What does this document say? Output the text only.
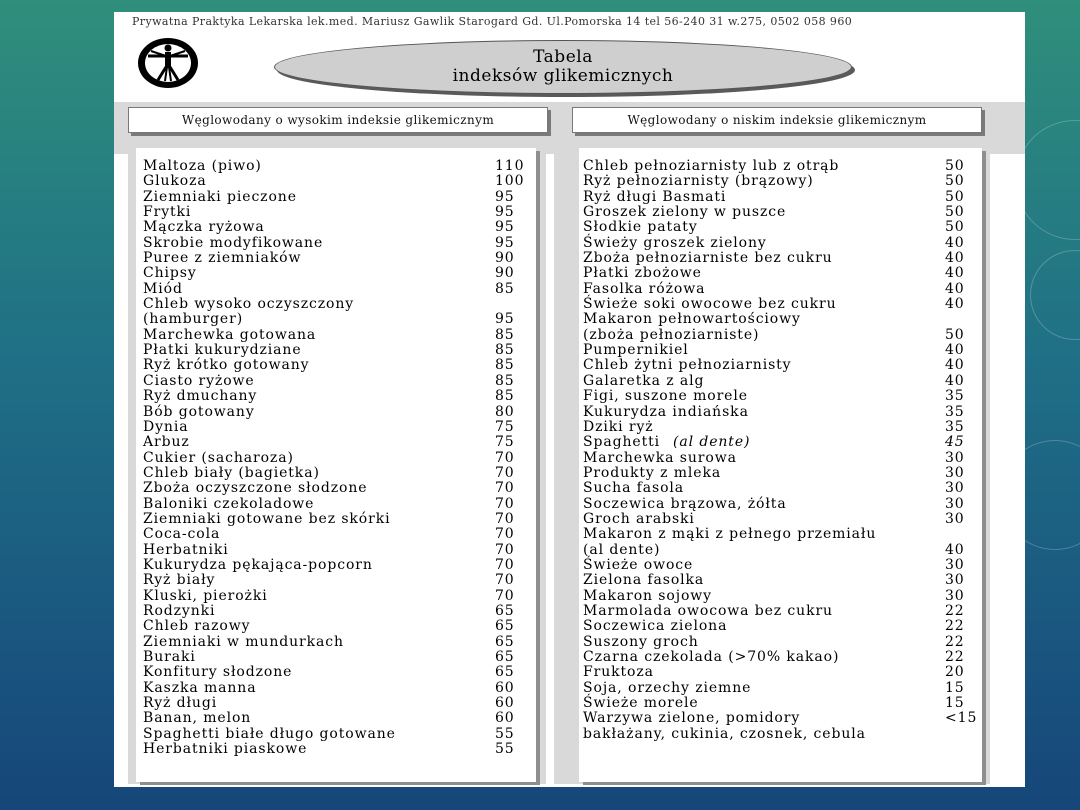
Prywatna Praktyka Lekarska lek.med. Mariusz Gawlik Starogard Gd. Ul.Pomorska 14 tel 56-240 31 w.275, 0502 058 960
Tabela
indeksów glikemicznych
Węglowodany o wysokim indeksie glikemicznym	Węglowodany o niskim indeksie glikemicznym
Maltoza (piwo)	110
Glukoza	100
Ziemniaki pieczone	95
Frytki	95
Mączka ryżowa	95
Skrobie modyfikowane	95
Puree z ziemniaków	90
Chipsy	90
Miód	85
Chleb wysoko oczyszczony
(hamburger)	95
Marchewka gotowana	85
Płatki kukurydziane	85
Ryż krótko gotowany	85
Ciasto ryżowe	85
Ryż dmuchany	85
Bób gotowany	80
Dynia	75
Arbuz	75
Cukier (sacharoza)	70
Chleb biały (bagietka)	70
Zboża oczyszczone słodzone	70
Baloniki czekoladowe	70
Ziemniaki gotowane bez skórki	70
Coca-cola	70
Herbatniki	70
Kukurydza pękająca-popcorn	70
Ryż biały	70
Kluski, pierożki	70
Rodzynki	65
Chleb razowy	65
Ziemniaki w mundurkach	65
Buraki	65
Konfitury słodzone	65
Kaszka manna	60
Ryż długi	60
Banan, melon	60
Spaghetti białe długo gotowane	55
Herbatniki piaskowe	55
Chleb pełnoziarnisty lub z otrąb	50
Ryż pełnoziarnisty (brązowy)	50
Ryż długi Basmati	50
Groszek zielony w puszce	50
Słodkie pataty	50
Świeży groszek zielony	40
Zboża pełnoziarniste bez cukru	40
Płatki zbożowe	40
Fasolka różowa	40
Świeże soki owocowe bez cukru	40
Makaron pełnowartościowy
(zboża pełnoziarniste)	50
Pumpernikiel	40
Chleb żytni pełnoziarnisty	40
Galaretka z alg	40
Figi, suszone morele	35
Kukurydza indiańska	35
Dziki ryż	35
Spaghetti (al dente)	45
Marchewka surowa	30
Produkty z mleka	30
Sucha fasola	30
Soczewica brązowa, żółta	30
Groch arabski	30
Makaron z mąki z pełnego przemiału
(al dente)	40
Świeże owoce	30
Zielona fasolka	30
Makaron sojowy	30
Marmolada owocowa bez cukru	22
Soczewica zielona	22
Suszony groch	22
Czarna czekolada (>70% kakao)	22
Fruktoza	20
Soja, orzechy ziemne	15
Świeże morele	15
Warzywa zielone, pomidory	<15
bakłażany, cukinia, czosnek, cebula
